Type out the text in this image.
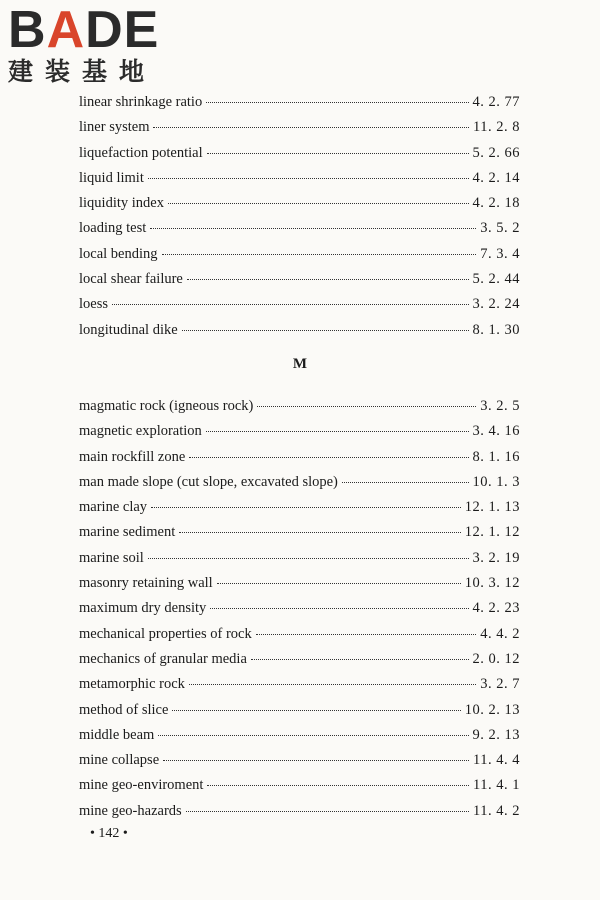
BADE
建装基地
linear shrinkage ratio	4. 2. 77
liner system	11. 2. 8
liquefaction potential	5. 2. 66
liquid limit	4. 2. 14
liquidity index	4. 2. 18
loading test	3. 5. 2
local bending	7. 3. 4
local shear failure	5. 2. 44
loess	3. 2. 24
longitudinal dike	8. 1. 30
M
magmatic rock (igneous rock)	3. 2. 5
magnetic exploration	3. 4. 16
main rockfill zone	8. 1. 16
man made slope (cut slope, excavated slope)	10. 1. 3
marine clay	12. 1. 13
marine sediment	12. 1. 12
marine soil	3. 2. 19
masonry retaining wall	10. 3. 12
maximum dry density	4. 2. 23
mechanical properties of rock	4. 4. 2
mechanics of granular media	2. 0. 12
metamorphic rock	3. 2. 7
method of slice	10. 2. 13
middle beam	9. 2. 13
mine collapse	11. 4. 4
mine geo-enviroment	11. 4. 1
mine geo-hazards	11. 4. 2
• 142 •
